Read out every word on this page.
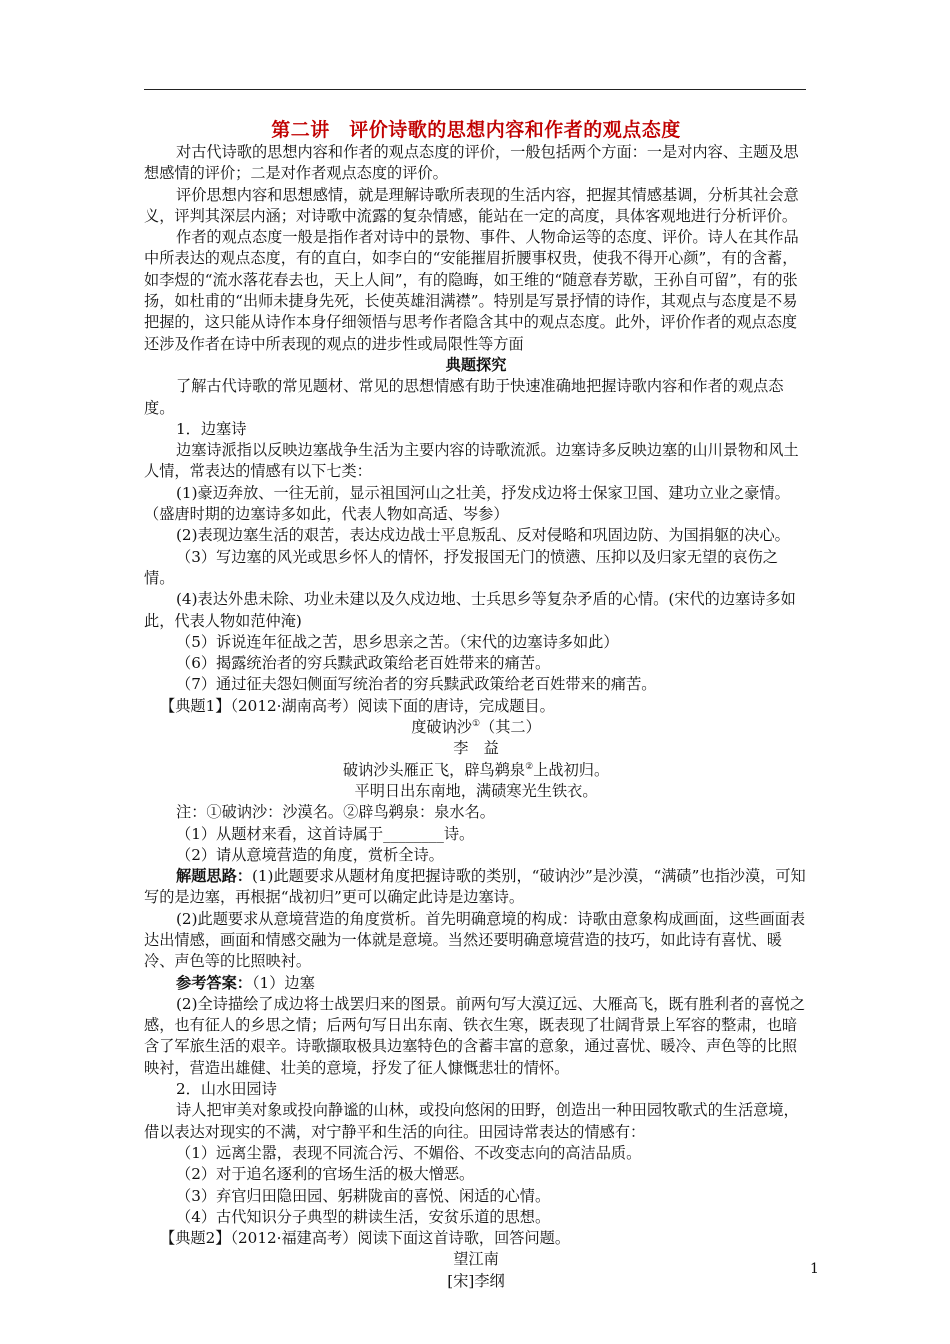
第二讲　评价诗歌的思想内容和作者的观点态度

对古代诗歌的思想内容和作者的观点态度的评价，一般包括两个方面：一是对内容、主题及思想感情的评价；二是对作者观点态度的评价。

评价思想内容和思想感情，就是理解诗歌所表现的生活内容，把握其情感基调，分析其社会意义，评判其深层内涵；对诗歌中流露的复杂情感，能站在一定的高度，具体客观地进行分析评价。

作者的观点态度一般是指作者对诗中的景物、事件、人物命运等的态度、评价。诗人在其作品中所表达的观点态度，有的直白，如李白的“安能摧眉折腰事权贵，使我不得开心颜”，有的含蓄，如李煜的“流水落花春去也，天上人间”，有的隐晦，如王维的“随意春芳歇，王孙自可留”，有的张扬，如杜甫的“出师未捷身先死，长使英雄泪满襟”。特别是写景抒情的诗作，其观点与态度是不易把握的，这只能从诗作本身仔细领悟与思考作者隐含其中的观点态度。此外，评价作者的观点态度还涉及作者在诗中所表现的观点的进步性或局限性等方面

典题探究

了解古代诗歌的常见题材、常见的思想情感有助于快速准确地把握诗歌内容和作者的观点态度。

1．边塞诗

边塞诗派指以反映边塞战争生活为主要内容的诗歌流派。边塞诗多反映边塞的山川景物和风土人情，常表达的情感有以下七类：

(1)豪迈奔放、一往无前，显示祖国河山之壮美，抒发戍边将士保家卫国、建功立业之豪情。（盛唐时期的边塞诗多如此，代表人物如高适、岑参）

(2)表现边塞生活的艰苦，表达戍边战士平息叛乱、反对侵略和巩固边防、为国捐躯的决心。

（3）写边塞的风光或思乡怀人的情怀，抒发报国无门的愤懑、压抑以及归家无望的哀伤之情。

(4)表达外患未除、功业未建以及久戍边地、士兵思乡等复杂矛盾的心情。(宋代的边塞诗多如此，代表人物如范仲淹)

（5）诉说连年征战之苦，思乡思亲之苦。（宋代的边塞诗多如此）

（6）揭露统治者的穷兵黩武政策给老百姓带来的痛苦。

（7）通过征夫怨妇侧面写统治者的穷兵黩武政策给老百姓带来的痛苦。

【典题1】（2012·湖南高考）阅读下面的唐诗，完成题目。

度破讷沙①（其二）

李　益

破讷沙头雁正飞，辟鸟鹈泉②上战初归。

平明日出东南地，满碛寒光生铁衣。

注：①破讷沙：沙漠名。②辟鸟鹈泉：泉水名。

（1）从题材来看，这首诗属于________诗。

（2）请从意境营造的角度，赏析全诗。

解题思路：(1)此题要求从题材角度把握诗歌的类别，“破讷沙”是沙漠，“满碛”也指沙漠，可知写的是边塞，再根据“战初归”更可以确定此诗是边塞诗。

(2)此题要求从意境营造的角度赏析。首先明确意境的构成：诗歌由意象构成画面，这些画面表达出情感，画面和情感交融为一体就是意境。当然还要明确意境营造的技巧，如此诗有喜忧、暖冷、声色等的比照映衬。

参考答案：（1）边塞

(2)全诗描绘了成边将士战罢归来的图景。前两句写大漠辽远、大雁高飞，既有胜利者的喜悦之感，也有征人的乡思之情；后两句写日出东南、铁衣生寒，既表现了壮阔背景上军容的整肃，也暗含了军旅生活的艰辛。诗歌撷取极具边塞特色的含蓄丰富的意象，通过喜忧、暖冷、声色等的比照映衬，营造出雄健、壮美的意境，抒发了征人慷慨悲壮的情怀。

2．山水田园诗

诗人把审美对象或投向静谧的山林，或投向悠闲的田野，创造出一种田园牧歌式的生活意境，借以表达对现实的不满，对宁静平和生活的向往。田园诗常表达的情感有：

（1）远离尘嚣，表现不同流合污、不媚俗、不改变志向的高洁品质。

（2）对于追名逐利的官场生活的极大憎恶。

（3）弃官归田隐田园、躬耕陇亩的喜悦、闲适的心情。

（4）古代知识分子典型的耕读生活，安贫乐道的思想。

【典题2】（2012·福建高考）阅读下面这首诗歌，回答问题。

望江南

[宋]李纲

1
